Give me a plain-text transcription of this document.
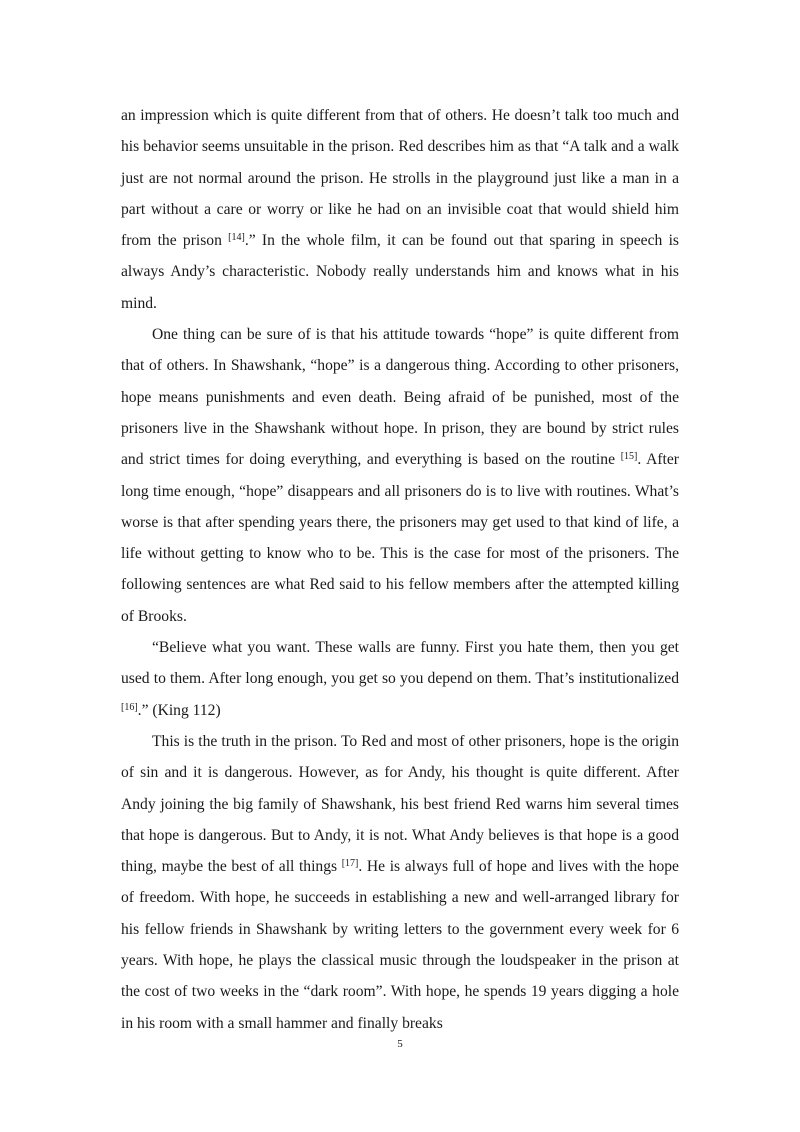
an impression which is quite different from that of others. He doesn’t talk too much and his behavior seems unsuitable in the prison. Red describes him as that “A talk and a walk just are not normal around the prison. He strolls in the playground just like a man in a part without a care or worry or like he had on an invisible coat that would shield him from the prison [14].” In the whole film, it can be found out that sparing in speech is always Andy’s characteristic. Nobody really understands him and knows what in his mind.

One thing can be sure of is that his attitude towards “hope” is quite different from that of others. In Shawshank, “hope” is a dangerous thing. According to other prisoners, hope means punishments and even death. Being afraid of be punished, most of the prisoners live in the Shawshank without hope. In prison, they are bound by strict rules and strict times for doing everything, and everything is based on the routine [15]. After long time enough, “hope” disappears and all prisoners do is to live with routines. What’s worse is that after spending years there, the prisoners may get used to that kind of life, a life without getting to know who to be. This is the case for most of the prisoners. The following sentences are what Red said to his fellow members after the attempted killing of Brooks.

“Believe what you want. These walls are funny. First you hate them, then you get used to them. After long enough, you get so you depend on them. That’s institutionalized [16].” (King 112)

This is the truth in the prison. To Red and most of other prisoners, hope is the origin of sin and it is dangerous. However, as for Andy, his thought is quite different. After Andy joining the big family of Shawshank, his best friend Red warns him several times that hope is dangerous. But to Andy, it is not. What Andy believes is that hope is a good thing, maybe the best of all things [17]. He is always full of hope and lives with the hope of freedom. With hope, he succeeds in establishing a new and well-arranged library for his fellow friends in Shawshank by writing letters to the government every week for 6 years. With hope, he plays the classical music through the loudspeaker in the prison at the cost of two weeks in the “dark room”. With hope, he spends 19 years digging a hole in his room with a small hammer and finally breaks

5
